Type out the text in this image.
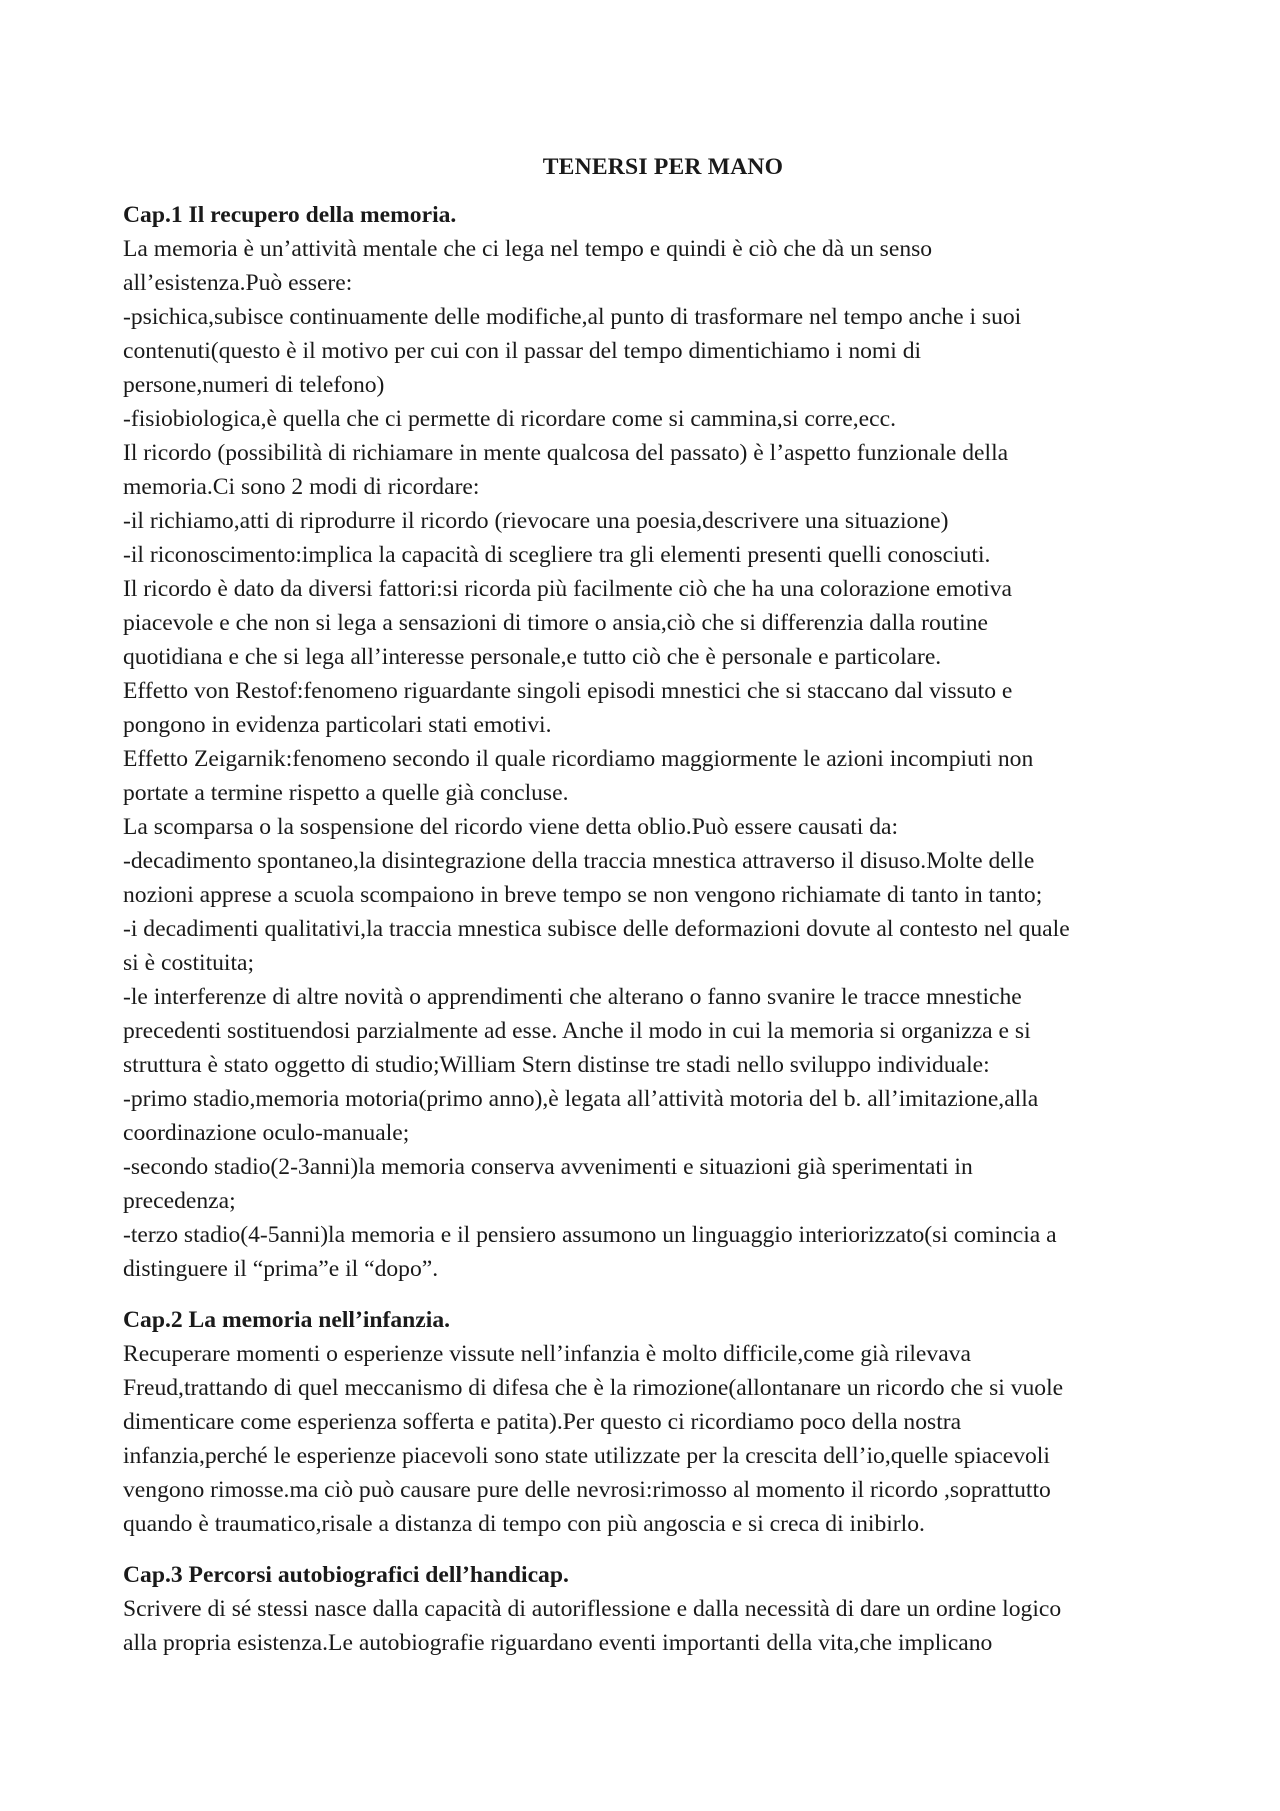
TENERSI PER MANO
Cap.1 Il recupero della memoria.
La memoria è un’attività mentale che ci lega nel tempo e quindi è ciò che dà un senso
all’esistenza.Può essere:
-psichica,subisce continuamente delle modifiche,al punto di trasformare nel tempo anche i suoi
contenuti(questo è il motivo per cui con il passar del tempo dimentichiamo i nomi di
persone,numeri di telefono)
-fisiobiologica,è quella che ci permette di ricordare come si cammina,si corre,ecc.
Il ricordo (possibilità di richiamare in mente qualcosa del passato) è l’aspetto funzionale della
memoria.Ci sono 2 modi di ricordare:
-il richiamo,atti di riprodurre il ricordo (rievocare una poesia,descrivere una situazione)
-il riconoscimento:implica la capacità di scegliere tra gli elementi presenti quelli conosciuti.
Il ricordo è dato da diversi fattori:si ricorda più facilmente ciò che ha una colorazione emotiva
piacevole e che non si lega a sensazioni di timore o ansia,ciò che si differenzia dalla routine
quotidiana e che si lega all’interesse personale,e tutto ciò che è personale e particolare.
Effetto von Restof:fenomeno riguardante singoli episodi mnestici che si staccano dal vissuto e
pongono in evidenza particolari stati emotivi.
Effetto Zeigarnik:fenomeno secondo il quale ricordiamo maggiormente le azioni incompiuti non
portate a termine rispetto a quelle già concluse.
La scomparsa o la sospensione del ricordo viene detta oblio.Può essere causati da:
-decadimento spontaneo,la disintegrazione della traccia mnestica attraverso il disuso.Molte delle
nozioni apprese a scuola scompaiono in breve tempo se non vengono richiamate di tanto in tanto;
-i decadimenti qualitativi,la traccia mnestica subisce delle deformazioni dovute al contesto nel quale
si è costituita;
-le interferenze di altre novità o apprendimenti che alterano o fanno svanire le tracce mnestiche
precedenti sostituendosi parzialmente ad esse. Anche il modo in cui la memoria si organizza e si
struttura è stato oggetto di studio;William Stern distinse tre stadi nello sviluppo individuale:
-primo stadio,memoria motoria(primo anno),è legata all’attività motoria del b. all’imitazione,alla
coordinazione oculo-manuale;
-secondo stadio(2-3anni)la memoria conserva avvenimenti e situazioni già sperimentati in
precedenza;
-terzo stadio(4-5anni)la memoria e il pensiero assumono un linguaggio interiorizzato(si comincia a
distinguere il “prima”e il “dopo”.
Cap.2 La memoria nell’infanzia.
Recuperare momenti o esperienze vissute nell’infanzia è molto difficile,come già rilevava
Freud,trattando di quel meccanismo di difesa che è la rimozione(allontanare un ricordo che si vuole
dimenticare come esperienza sofferta e patita).Per questo ci ricordiamo poco della nostra
infanzia,perché le esperienze piacevoli sono state utilizzate per la crescita dell’io,quelle spiacevoli
vengono rimosse.ma ciò può causare pure delle nevrosi:rimosso al momento il ricordo ,soprattutto
quando è traumatico,risale a distanza di tempo con più angoscia e si creca di inibirlo.
Cap.3 Percorsi autobiografici dell’handicap.
Scrivere di sé stessi nasce dalla capacità di autoriflessione e dalla necessità di dare un ordine logico
alla propria esistenza.Le autobiografie riguardano eventi importanti della vita,che implicano
